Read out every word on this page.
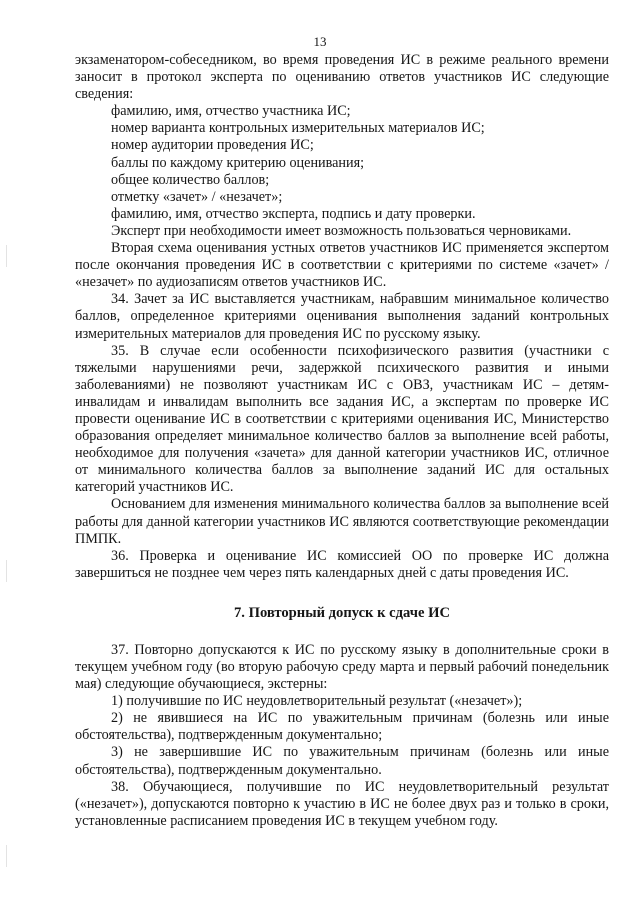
13

экзаменатором-собеседником, во время проведения ИС в режиме реального времени заносит в протокол эксперта по оцениванию ответов участников ИС следующие сведения:

фамилию, имя, отчество участника ИС;

номер варианта контрольных измерительных материалов ИС;

номер аудитории проведения ИС;

баллы по каждому критерию оценивания;

общее количество баллов;

отметку «зачет» / «незачет»;

фамилию, имя, отчество эксперта, подпись и дату проверки.

Эксперт при необходимости имеет возможность пользоваться черновиками.

Вторая схема оценивания устных ответов участников ИС применяется экспертом после окончания проведения ИС в соответствии с критериями по системе «зачет» / «незачет» по аудиозаписям ответов участников ИС.

34. Зачет за ИС выставляется участникам, набравшим минимальное количество баллов, определенное критериями оценивания выполнения заданий контрольных измерительных материалов для проведения ИС по русскому языку.

35. В случае если особенности психофизического развития (участники с тяжелыми нарушениями речи, задержкой психического развития и иными заболеваниями) не позволяют участникам ИС с ОВЗ, участникам ИС – детям-инвалидам и инвалидам выполнить все задания ИС, а экспертам по проверке ИС провести оценивание ИС в соответствии с критериями оценивания ИС, Министерство образования определяет минимальное количество баллов за выполнение всей работы, необходимое для получения «зачета» для данной категории участников ИС, отличное от минимального количества баллов за выполнение заданий ИС для остальных категорий участников ИС.

Основанием для изменения минимального количества баллов за выполнение всей работы для данной категории участников ИС являются соответствующие рекомендации ПМПК.

36. Проверка и оценивание ИС комиссией ОО по проверке ИС должна завершиться не позднее чем через пять календарных дней с даты проведения ИС.

7. Повторный допуск к сдаче ИС

37. Повторно допускаются к ИС по русскому языку в дополнительные сроки в текущем учебном году (во вторую рабочую среду марта и первый рабочий понедельник мая) следующие обучающиеся, экстерны:

1) получившие по ИС неудовлетворительный результат («незачет»);

2) не явившиеся на ИС по уважительным причинам (болезнь или иные обстоятельства), подтвержденным документально;

3) не завершившие ИС по уважительным причинам (болезнь или иные обстоятельства), подтвержденным документально.

38. Обучающиеся, получившие по ИС неудовлетворительный результат («незачет»), допускаются повторно к участию в ИС не более двух раз и только в сроки, установленные расписанием проведения ИС в текущем учебном году.
